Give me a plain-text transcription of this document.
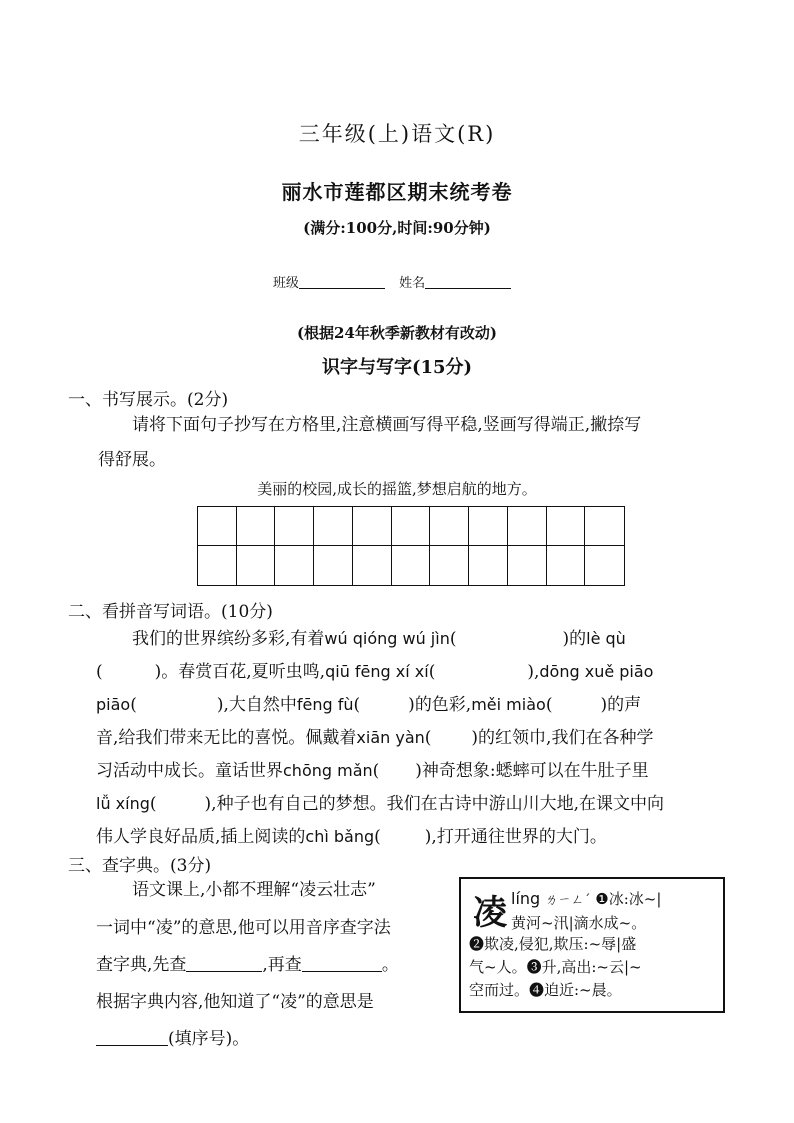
三年级(上)语文(R)
丽水市莲都区期末统考卷
(满分:100分,时间:90分钟)
班级	姓名
(根据24年秋季新教材有改动)
识字与写字(15分)
一、书写展示。(2分)
请将下面句子抄写在方格里,注意横画写得平稳,竖画写得端正,撇捺写
得舒展。
美丽的校园,成长的摇篮,梦想启航的地方。
二、看拼音写词语。(10分)
我们的世界缤纷多彩,有着wú qióng wú jìn(	)的lè qù
(	)。春赏百花,夏听虫鸣,qiū fēng xí xí(	),dōng xuě piāo
piāo(	),大自然中fēng fù(	)的色彩,měi miào(	)的声
音,给我们带来无比的喜悦。佩戴着xiān yàn( )的红领巾,我们在各种学
习活动中成长。童话世界chōng mǎn( )神奇想象:蟋蟀可以在牛肚子里
lǚ xíng(	),种子也有自己的梦想。我们在古诗中游山川大地,在课文中向
伟人学良好品质,插上阅读的chì bǎng(	),打开通往世界的大门。
三、查字典。(3分)
语文课上,小都不理解“凌云壮志”
一词中“凌”的意思,他可以用音序查字法
查字典,先查	,再查	。
根据字典内容,他知道了“凌”的意思是
(填序号)。
凌 líng ㄌㄧㄥˊ ❶冰:冰~|
黄河~汛|滴水成~。
❷欺凌,侵犯,欺压:~辱|盛
气~人。❸升,高出:~云|~
空而过。❹迫近:~晨。
